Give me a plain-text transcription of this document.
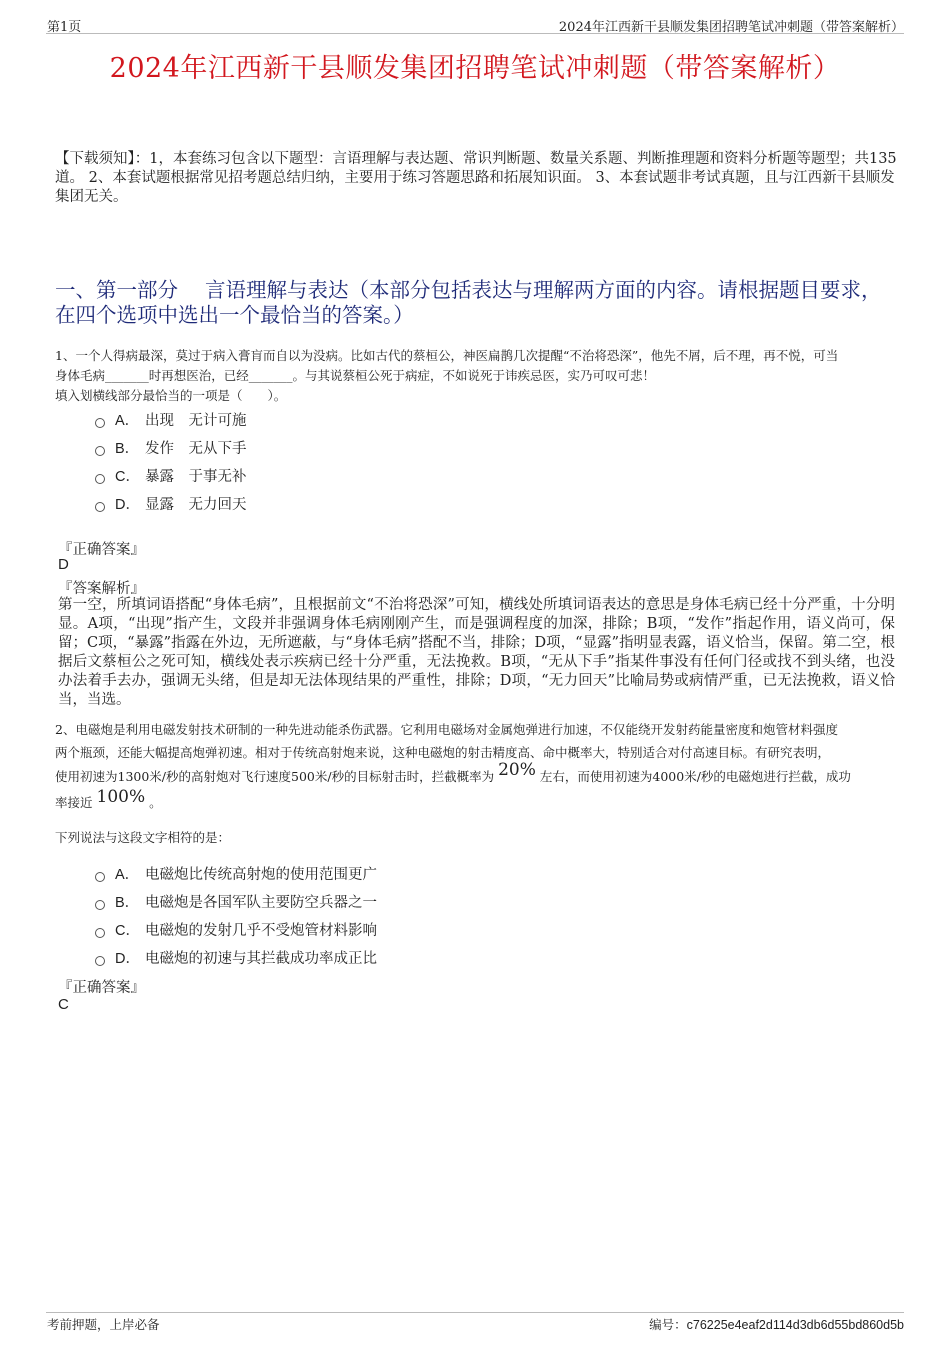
第1页	2024年江西新干县顺发集团招聘笔试冲刺题（带答案解析）
2024年江西新干县顺发集团招聘笔试冲刺题（带答案解析）
【下载须知】：1，本套练习包含以下题型：言语理解与表达题、常识判断题、数量关系题、判断推理题和资料分析题等题型；共135道。 2、本套试题根据常见招考题总结归纳，主要用于练习答题思路和拓展知识面。 3、本套试题非考试真题，且与江西新干县顺发集团无关。
一、第一部分　 言语理解与表达（本部分包括表达与理解两方面的内容。请根据题目要求，在四个选项中选出一个最恰当的答案。）
1、一个人得病最深，莫过于病入膏肓而自以为没病。比如古代的蔡桓公，神医扁鹊几次提醒“不治将恐深”，他先不屑，后不理，再不悦，可当
身体毛病_______时再想医治，已经_______。与其说蔡桓公死于病症，不如说死于讳疾忌医，实乃可叹可悲！
填入划横线部分最恰当的一项是（　　）。
A． 出现　无计可施
B． 发作　无从下手
C． 暴露　于事无补
D． 显露　无力回天
『正确答案』
D
『答案解析』
第一空，所填词语搭配“身体毛病”，且根据前文“不治将恐深”可知，横线处所填词语表达的意思是身体毛病已经十分严重，十分明显。A项，“出现”指产生，文段并非强调身体毛病刚刚产生，而是强调程度的加深，排除；B项，“发作”指起作用，语义尚可，保留；C项，“暴露”指露在外边，无所遮蔽，与“身体毛病”搭配不当，排除；D项，“显露”指明显表露，语义恰当，保留。第二空，根据后文蔡桓公之死可知，横线处表示疾病已经十分严重，无法挽救。B项，“无从下手”指某件事没有任何门径或找不到头绪，也没办法着手去办，强调无头绪，但是却无法体现结果的严重性，排除；D项，“无力回天”比喻局势或病情严重，已无法挽救，语义恰当，当选。
2、电磁炮是利用电磁发射技术研制的一种先进动能杀伤武器。它利用电磁场对金属炮弹进行加速，不仅能绕开发射药能量密度和炮管材料强度
两个瓶颈，还能大幅提高炮弹初速。相对于传统高射炮来说，这种电磁炮的射击精度高、命中概率大，特别适合对付高速目标。有研究表明，
使用初速为1300米/秒的高射炮对飞行速度500米/秒的目标射击时，拦截概率为 20% 左右，而使用初速为4000米/秒的电磁炮进行拦截，成功
率接近 100% 。
下列说法与这段文字相符的是：
A． 电磁炮比传统高射炮的使用范围更广
B． 电磁炮是各国军队主要防空兵器之一
C． 电磁炮的发射几乎不受炮管材料影响
D． 电磁炮的初速与其拦截成功率成正比
『正确答案』
C
考前押题，上岸必备	编号：c76225e4eaf2d114d3db6d55bd860d5b
